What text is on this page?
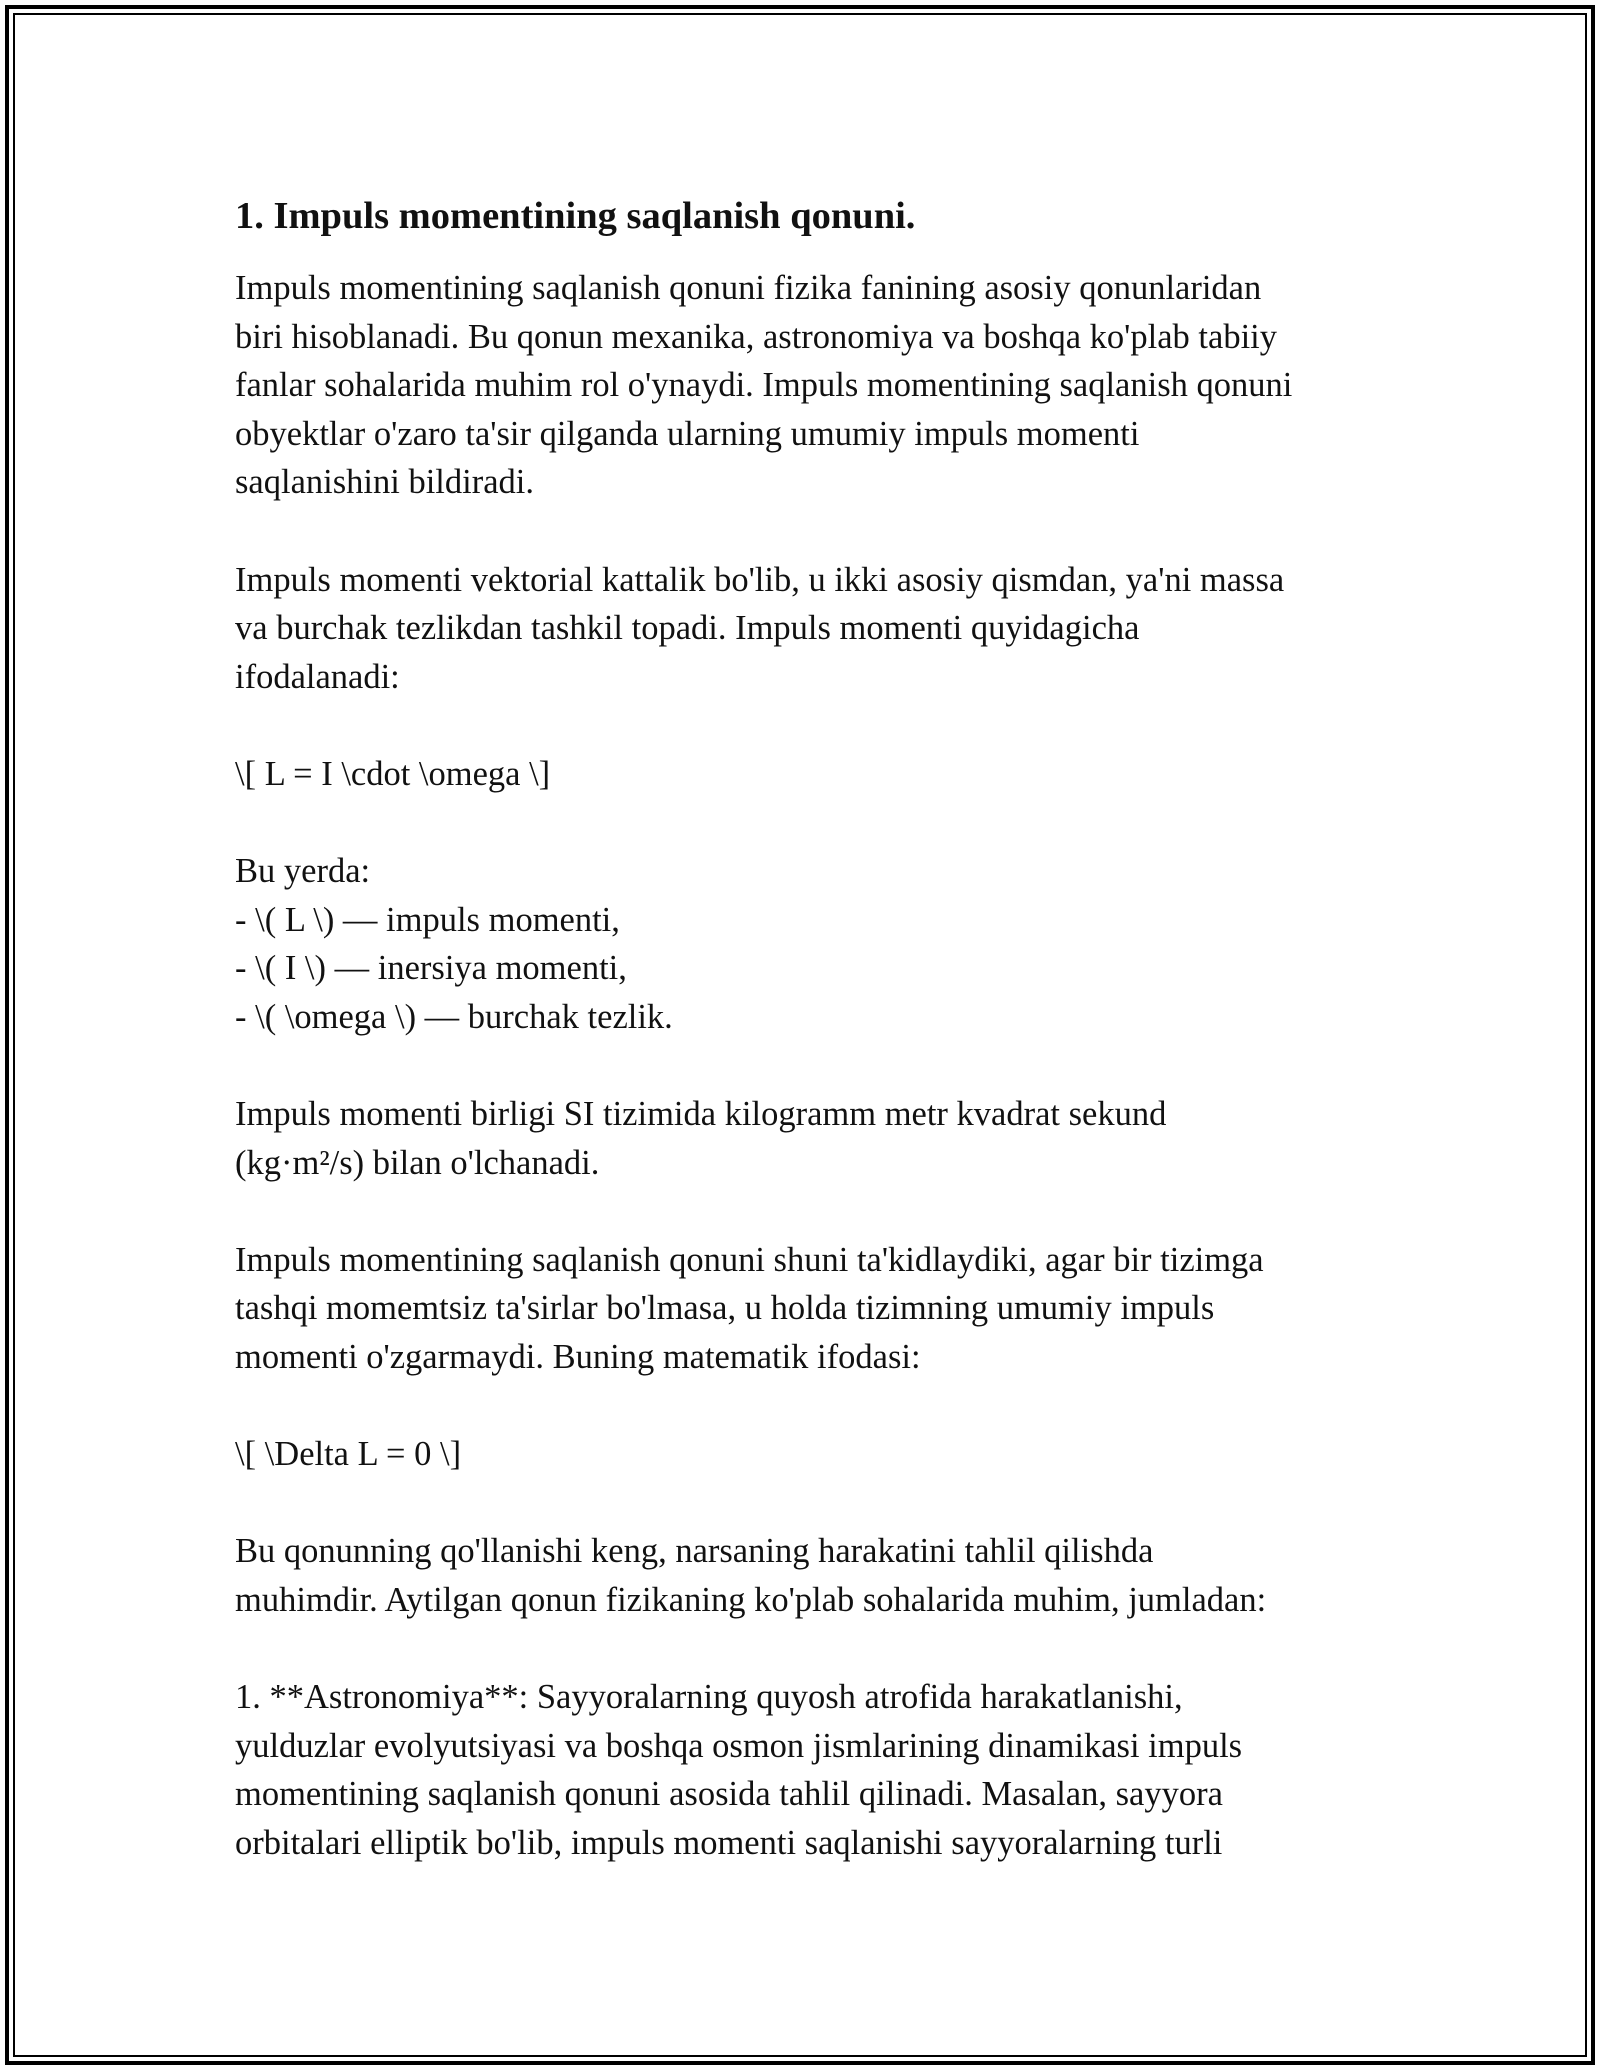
1. Impuls momentining saqlanish qonuni.
Impuls momentining saqlanish qonuni fizika fanining asosiy qonunlaridan
biri hisoblanadi. Bu qonun mexanika, astronomiya va boshqa ko'plab tabiiy
fanlar sohalarida muhim rol o'ynaydi. Impuls momentining saqlanish qonuni
obyektlar o'zaro ta'sir qilganda ularning umumiy impuls momenti
saqlanishini bildiradi.
Impuls momenti vektorial kattalik bo'lib, u ikki asosiy qismdan, ya'ni massa
va burchak tezlikdan tashkil topadi. Impuls momenti quyidagicha
ifodalanadi:
\[ L = I \cdot \omega \]
Bu yerda:
- \( L \) — impuls momenti,
- \( I \) — inersiya momenti,
- \( \omega \) — burchak tezlik.
Impuls momenti birligi SI tizimida kilogramm metr kvadrat sekund
(kg·m²/s) bilan o'lchanadi.
Impuls momentining saqlanish qonuni shuni ta'kidlaydiki, agar bir tizimga
tashqi momemtsiz ta'sirlar bo'lmasa, u holda tizimning umumiy impuls
momenti o'zgarmaydi. Buning matematik ifodasi:
\[ \Delta L = 0 \]
Bu qonunning qo'llanishi keng, narsaning harakatini tahlil qilishda
muhimdir. Aytilgan qonun fizikaning ko'plab sohalarida muhim, jumladan:
1. **Astronomiya**: Sayyoralarning quyosh atrofida harakatlanishi,
yulduzlar evolyutsiyasi va boshqa osmon jismlarining dinamikasi impuls
momentining saqlanish qonuni asosida tahlil qilinadi. Masalan, sayyora
orbitalari elliptik bo'lib, impuls momenti saqlanishi sayyoralarning turli
